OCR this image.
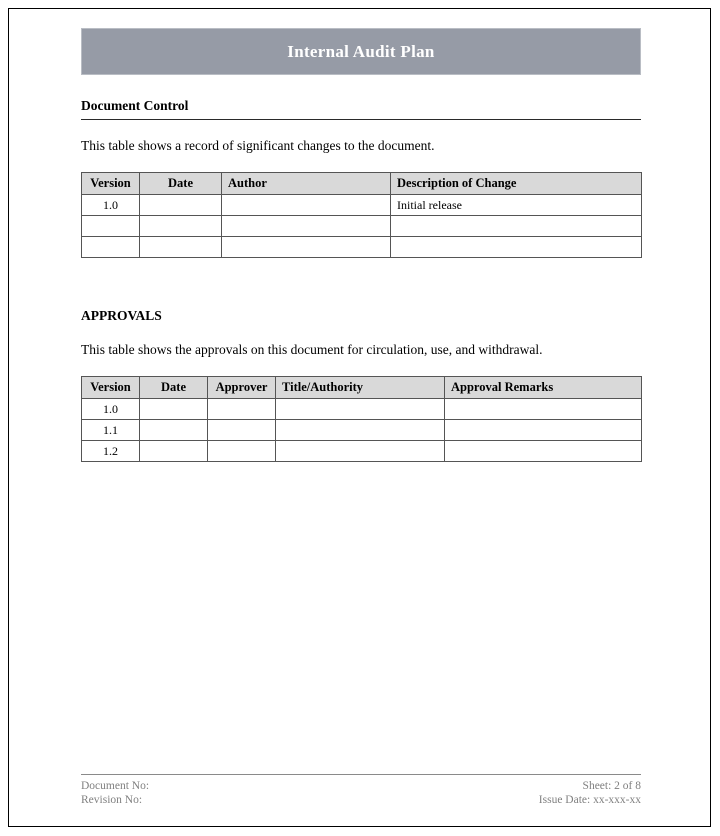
Internal Audit Plan
Document Control
This table shows a record of significant changes to the document.
Version	Date	Author	Description of Change
1.0			Initial release

APPROVALS
This table shows the approvals on this document for circulation, use, and withdrawal.
Version	Date	Approver	Title/Authority	Approval Remarks
1.0				
1.1				
1.2				
Document No:
Revision No:
Sheet: 2 of 8
Issue Date: xx-xxx-xx
